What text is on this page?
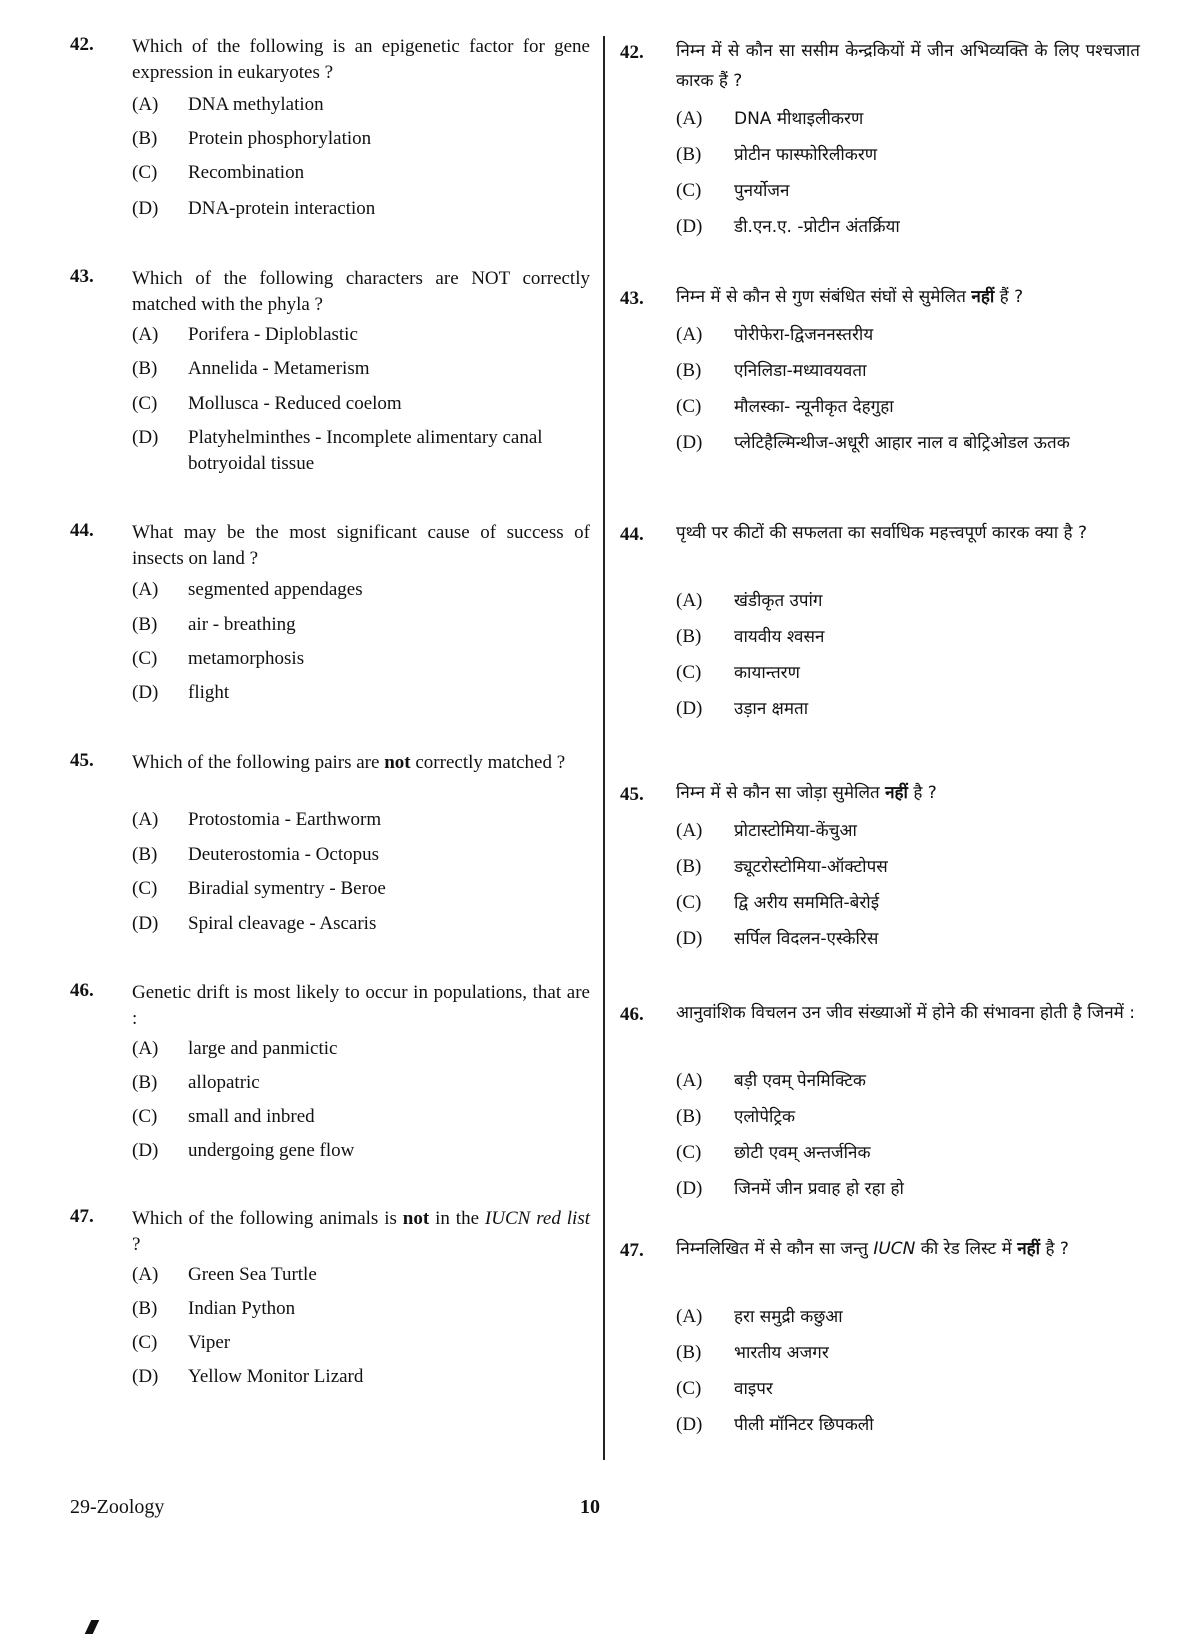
42. Which of the following is an epigenetic factor for gene expression in eukaryotes ?
(A) DNA methylation
(B) Protein phosphorylation
(C) Recombination
(D) DNA-protein interaction
43. Which of the following characters are NOT correctly matched with the phyla ?
(A) Porifera - Diploblastic
(B) Annelida - Metamerism
(C) Mollusca - Reduced coelom
(D) Platyhelminthes - Incomplete alimentary canal botryoidal tissue
44. What may be the most significant cause of success of insects on land ?
(A) segmented appendages
(B) air - breathing
(C) metamorphosis
(D) flight
45. Which of the following pairs are not correctly matched ?
(A) Protostomia - Earthworm
(B) Deuterostomia - Octopus
(C) Biradial symentry - Beroe
(D) Spiral cleavage - Ascaris
46. Genetic drift is most likely to occur in populations, that are :
(A) large and panmictic
(B) allopatric
(C) small and inbred
(D) undergoing gene flow
47. Which of the following animals is not in the IUCN red list ?
(A) Green Sea Turtle
(B) Indian Python
(C) Viper
(D) Yellow Monitor Lizard
42. निम्न में से कौन सा ससीम केन्द्रकियों में जीन अभिव्यक्ति के लिए पश्चजात कारक हैं ?
(A) DNA मीथाइलीकरण
(B) प्रोटीन फास्फोरिलीकरण
(C) पुनर्योजन
(D) डी.एन.ए. -प्रोटीन अंतर्क्रिया
43. निम्न में से कौन से गुण संबंधित संघों से सुमेलित नहीं हैं ?
(A) पोरीफेरा-द्विजननस्तरीय
(B) एनिलिडा-मध्यावयवता
(C) मौलस्का- न्यूनीकृत देहगुहा
(D) प्लेटिहैल्मिन्थीज-अधूरी आहार नाल व बोट्रिओडल ऊतक
44. पृथ्वी पर कीटों की सफलता का सर्वाधिक महत्त्वपूर्ण कारक क्या है ?
(A) खंडीकृत उपांग
(B) वायवीय श्वसन
(C) कायान्तरण
(D) उड़ान क्षमता
45. निम्न में से कौन सा जोड़ा सुमेलित नहीं है ?
(A) प्रोटास्टोमिया-केंचुआ
(B) ड्यूटरोस्टोमिया-ऑक्टोपस
(C) द्वि अरीय सममिति-बेरोई
(D) सर्पिल विदलन-एस्केरिस
46. आनुवांशिक विचलन उन जीव संख्याओं में होने की संभावना होती है जिनमें :
(A) बड़ी एवम् पेनमिक्टिक
(B) एलोपेट्रिक
(C) छोटी एवम् अन्तर्जनिक
(D) जिनमें जीन प्रवाह हो रहा हो
47. निम्नलिखित में से कौन सा जन्तु IUCN की रेड लिस्ट में नहीं है ?
(A) हरा समुद्री कछुआ
(B) भारतीय अजगर
(C) वाइपर
(D) पीली मॉनिटर छिपकली
29-Zoology	10
